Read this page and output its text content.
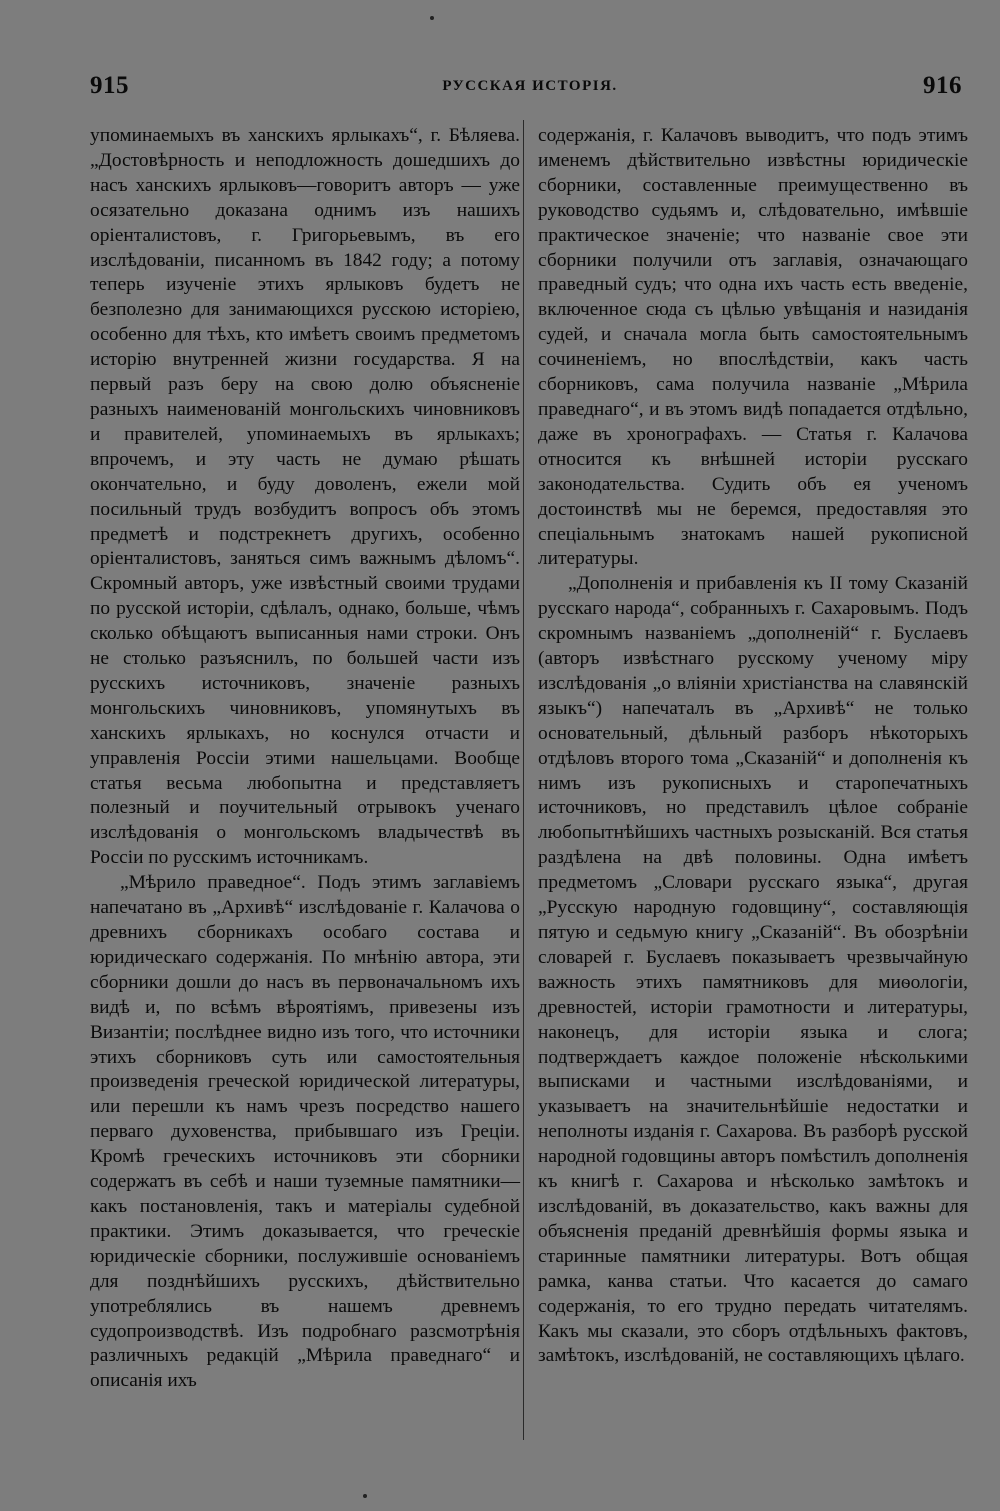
915	РУССКАЯ ИСТОРІЯ.	916

упоминаемыхъ въ ханскихъ ярлыкахъ“, г. Бѣляева. „Достовѣрность и неподложность дошедшихъ до насъ ханскихъ ярлыковъ—говоритъ авторъ — уже осязательно доказана однимъ изъ нашихъ оріенталистовъ, г. Григорьевымъ, въ его изслѣдованіи, писанномъ въ 1842 году; а потому теперь изученіе этихъ ярлыковъ будетъ не безполезно для занимающихся русскою исторіею, особенно для тѣхъ, кто имѣетъ своимъ предметомъ исторію внутренней жизни государства. Я на первый разъ беру на свою долю объясненіе разныхъ наименованій монгольскихъ чиновниковъ и правителей, упоминаемыхъ въ ярлыкахъ; впрочемъ, и эту часть не думаю рѣшать окончательно, и буду доволенъ, ежели мой посильный трудъ возбудитъ вопросъ объ этомъ предметѣ и подстрекнетъ другихъ, особенно оріенталистовъ, заняться симъ важнымъ дѣломъ“. Скромный авторъ, уже извѣстный своими трудами по русской исторіи, сдѣлалъ, однако, больше, чѣмъ сколько обѣщаютъ выписанныя нами строки. Онъ не столько разъяснилъ, по большей части изъ русскихъ источниковъ, значеніе разныхъ монгольскихъ чиновниковъ, упомянутыхъ въ ханскихъ ярлыкахъ, но коснулся отчасти и управленія Россіи этими нашельцами. Вообще статья весьма любопытна и представляетъ полезный и поучительный отрывокъ ученаго изслѣдованія о монгольскомъ владычествѣ въ Россіи по русскимъ источникамъ.

„Мѣрило праведное“. Подъ этимъ заглавіемъ напечатано въ „Архивѣ“ изслѣдованіе г. Калачова о древнихъ сборникахъ особаго состава и юридическаго содержанія. По мнѣнію автора, эти сборники дошли до насъ въ первоначальномъ ихъ видѣ и, по всѣмъ вѣроятіямъ, привезены изъ Византіи; послѣднее видно изъ того, что источники этихъ сборниковъ суть или самостоятельныя произведенія греческой юридической литературы, или перешли къ намъ чрезъ посредство нашего перваго духовенства, прибывшаго изъ Греціи. Кромѣ греческихъ источниковъ эти сборники содержатъ въ себѣ и наши туземные памятники—какъ постановленія, такъ и матеріалы судебной практики. Этимъ доказывается, что греческіе юридическіе сборники, послужившіе основаніемъ для позднѣйшихъ русскихъ, дѣйствительно употреблялись въ нашемъ древнемъ судопроизводствѣ. Изъ подробнаго разсмотрѣнія различныхъ редакцій „Мѣрила праведнаго“ и описанія ихъ

содержанія, г. Калачовъ выводитъ, что подъ этимъ именемъ дѣйствительно извѣстны юридическіе сборники, составленные преимущественно въ руководство судьямъ и, слѣдовательно, имѣвшіе практическое значеніе; что названіе свое эти сборники получили отъ заглавія, означающаго праведный судъ; что одна ихъ часть есть введеніе, включенное сюда съ цѣлью увѣщанія и назиданія судей, и сначала могла быть самостоятельнымъ сочиненіемъ, но впослѣдствіи, какъ часть сборниковъ, сама получила названіе „Мѣрила праведнаго“, и въ этомъ видѣ попадается отдѣльно, даже въ хронографахъ. — Статья г. Калачова относится къ внѣшней исторіи русскаго законодательства. Судить объ ея ученомъ достоинствѣ мы не беремся, предоставляя это спеціальнымъ знатокамъ нашей рукописной литературы.

„Дополненія и прибавленія къ II тому Сказаній русскаго народа“, собранныхъ г. Сахаровымъ. Подъ скромнымъ названіемъ „дополненій“ г. Буслаевъ (авторъ извѣстнаго русскому ученому міру изслѣдованія „о вліяніи христіанства на славянскій языкъ“) напечаталъ въ „Архивѣ“ не только основательный, дѣльный разборъ нѣкоторыхъ отдѣловъ второго тома „Сказаній“ и дополненія къ нимъ изъ рукописныхъ и старопечатныхъ источниковъ, но представилъ цѣлое собраніе любопытнѣйшихъ частныхъ розысканій. Вся статья раздѣлена на двѣ половины. Одна имѣетъ предметомъ „Словари русскаго языка“, другая „Русскую народную годовщину“, составляющія пятую и седьмую книгу „Сказаній“. Въ обозрѣніи словарей г. Буслаевъ показываетъ чрезвычайную важность этихъ памятниковъ для миѳологіи, древностей, исторіи грамотности и литературы, наконецъ, для исторіи языка и слога; подтверждаетъ каждое положеніе нѣсколькими выписками и частными изслѣдованіями, и указываетъ на значительнѣйшіе недостатки и неполноты изданія г. Сахарова. Въ разборѣ русской народной годовщины авторъ помѣстилъ дополненія къ книгѣ г. Сахарова и нѣсколько замѣтокъ и изслѣдованій, въ доказательство, какъ важны для объясненія преданій древнѣйшія формы языка и старинные памятники литературы. Вотъ общая рамка, канва статьи. Что касается до самаго содержанія, то его трудно передать читателямъ. Какъ мы сказали, это сборъ отдѣльныхъ фактовъ, замѣтокъ, изслѣдованій, не составляющихъ цѣлаго.
